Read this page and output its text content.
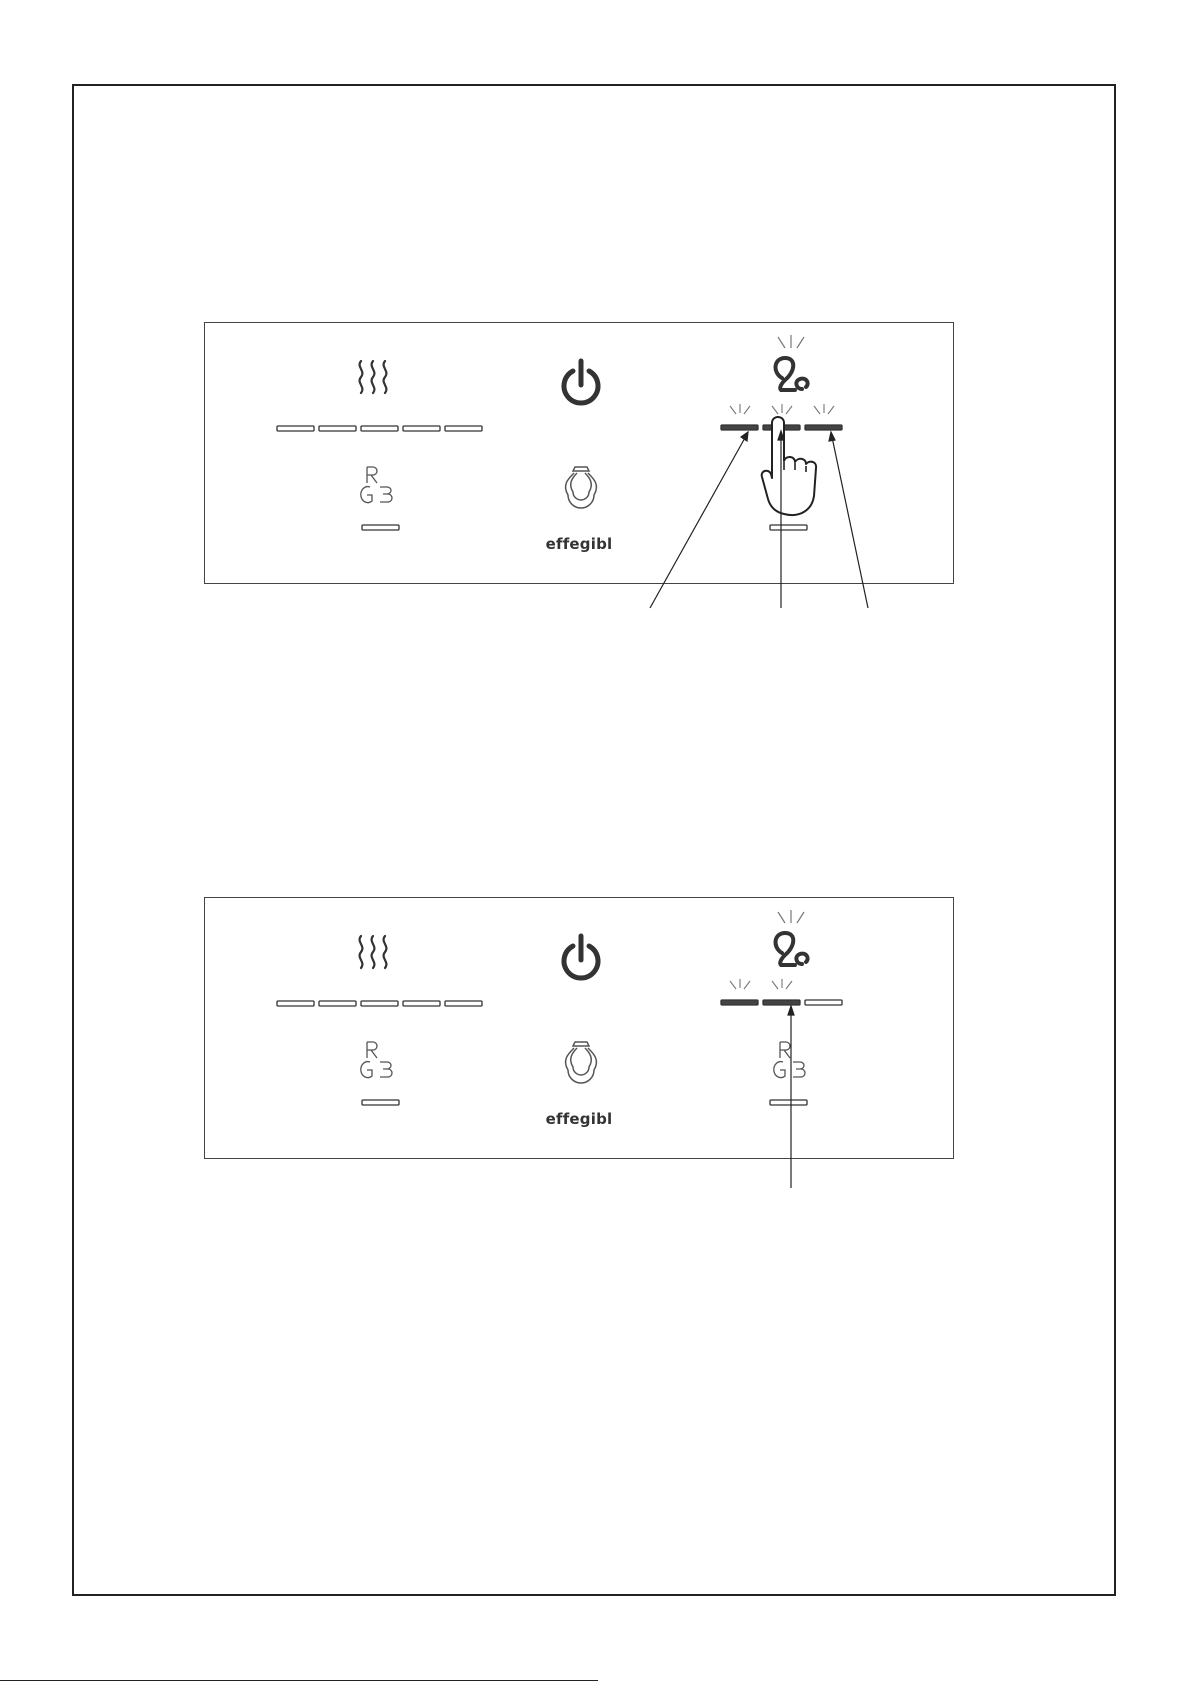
effegibl
effegibl
